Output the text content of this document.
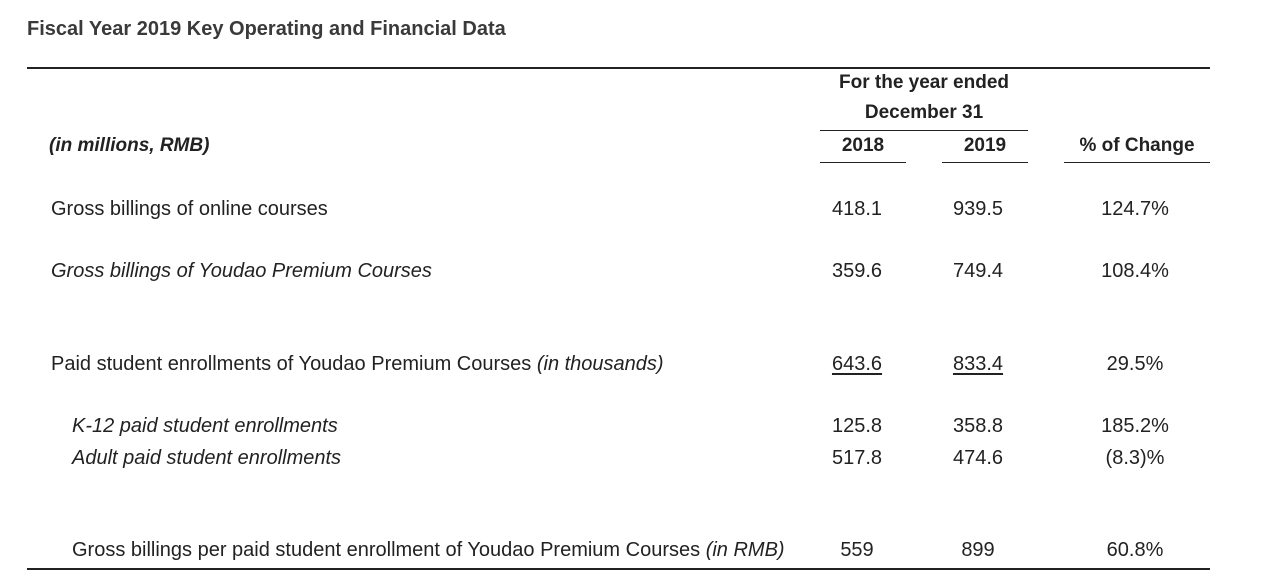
Fiscal Year 2019 Key Operating and Financial Data
For the year ended
December 31
(in millions, RMB)	2018	2019	% of Change
Gross billings of online courses	418.1	939.5	124.7%
Gross billings of Youdao Premium Courses	359.6	749.4	108.4%
Paid student enrollments of Youdao Premium Courses (in thousands)	643.6	833.4	29.5%
K-12 paid student enrollments	125.8	358.8	185.2%
Adult paid student enrollments	517.8	474.6	(8.3)%
Gross billings per paid student enrollment of Youdao Premium Courses (in RMB)	559	899	60.8%
